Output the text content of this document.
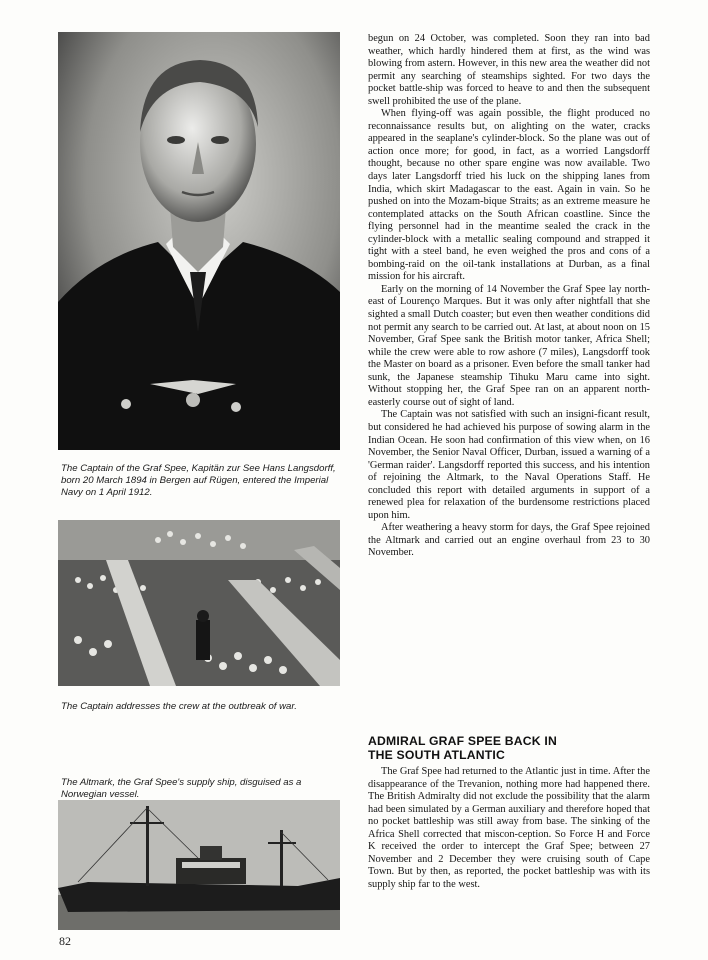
The Captain of the Graf Spee, Kapitän zur See Hans Langsdorff, born 20 March 1894 in Bergen auf Rügen, entered the Imperial Navy on 1 April 1912.

The Captain addresses the crew at the outbreak of war.

The Altmark, the Graf Spee's supply ship, disguised as a Norwegian vessel.

begun on 24 October, was completed. Soon they ran into bad weather, which hardly hindered them at first, as the wind was blowing from astern. However, in this new area the weather did not permit any searching of steamships sighted. For two days the pocket battle-ship was forced to heave to and then the subsequent swell prohibited the use of the plane.

When flying-off was again possible, the flight produced no reconnaissance results but, on alighting on the water, cracks appeared in the seaplane's cylinder-block. So the plane was out of action once more; for good, in fact, as a worried Langsdorff thought, because no other spare engine was now available. Two days later Langsdorff tried his luck on the shipping lanes from India, which skirt Madagascar to the east. Again in vain. So he pushed on into the Mozam-bique Straits; as an extreme measure he contemplated attacks on the South African coastline. Since the flying personnel had in the meantime sealed the crack in the cylinder-block with a metallic sealing compound and strapped it tight with a steel band, he even weighed the pros and cons of a bombing-raid on the oil-tank installations at Durban, as a final mission for his aircraft.

Early on the morning of 14 November the Graf Spee lay north-east of Lourenço Marques. But it was only after nightfall that she sighted a small Dutch coaster; but even then weather conditions did not permit any search to be carried out. At last, at about noon on 15 November, Graf Spee sank the British motor tanker, Africa Shell; while the crew were able to row ashore (7 miles), Langsdorff took the Master on board as a prisoner. Even before the small tanker had sunk, the Japanese steamship Tihuku Maru came into sight. Without stopping her, the Graf Spee ran on an apparent north-easterly course out of sight of land.

The Captain was not satisfied with such an insigni-ficant result, but considered he had achieved his purpose of sowing alarm in the Indian Ocean. He soon had confirmation of this view when, on 16 November, the Senior Naval Officer, Durban, issued a warning of a 'German raider'. Langsdorff reported this success, and his intention of rejoining the Altmark, to the Naval Operations Staff. He concluded this report with detailed arguments in support of a renewed plea for relaxation of the burdensome restrictions placed upon him.

After weathering a heavy storm for days, the Graf Spee rejoined the Altmark and carried out an engine overhaul from 23 to 30 November.

ADMIRAL GRAF SPEE BACK IN
THE SOUTH ATLANTIC

The Graf Spee had returned to the Atlantic just in time. After the disappearance of the Trevanion, nothing more had happened there. The British Admiralty did not exclude the possibility that the alarm had been simulated by a German auxiliary and therefore hoped that no pocket battleship was still away from base. The sinking of the Africa Shell corrected that miscon-ception. So Force H and Force K received the order to intercept the Graf Spee; between 27 November and 2 December they were cruising south of Cape Town. But by then, as reported, the pocket battleship was with its supply ship far to the west.

82
